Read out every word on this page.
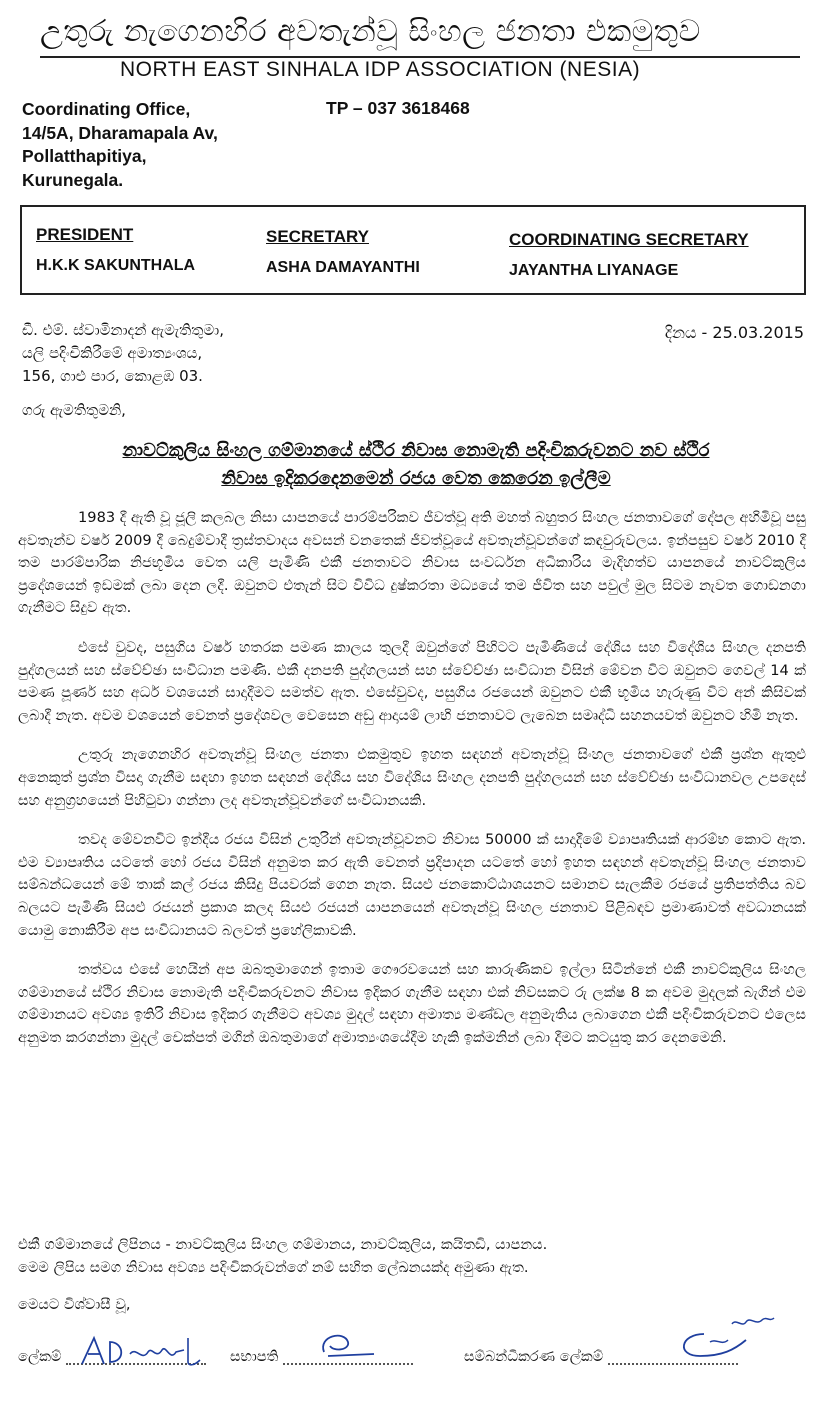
උතුරු නැගෙනහිර අවතැන්වූ සිංහල ජනතා එකමුතුව
NORTH EAST SINHALA IDP ASSOCIATION (NESIA)
Coordinating Office,
14/5A, Dharamapala Av,
Pollatthapitiya,
Kurunegala.
TP – 037 3618468
PRESIDENT
H.K.K SAKUNTHALA
SECRETARY
ASHA DAMAYANTHI
COORDINATING SECRETARY
JAYANTHA LIYANAGE
ඩී. එම්. ස්වාමිනාදන් ඇමැතිතුමා,
යලි පදිංචිකිරීමේ අමාත්‍යංශය,
156, ගාළු පාර, කොළඹ 03.
දිනය - 25.03.2015
ගරු ඇමතිතුමනි,
නාවට්කුලිය සිංහල ගම්මානයේ ස්ථිර නිවාස නොමැති පදිංචිකරුවනට නව ස්ථිර
නිවාස ඉදිකරදෙනමෙන් රජය වෙත කෙරෙන ඉල්ලීම

1983 දී ඇති වූ ජූලි කලබල නිසා යාපනයේ පාරම්පරිකව ජීවත්වූ අති මහත් බහුතර සිංහල ජනතාවගේ දේපල අහිමිවූ පසු අවතැන්ව වර්ෂ 2009 දී බෙදුම්වාදී ත්‍රස්තවාදය අවසන් වනතෙක් ජීවත්වූයේ අවතැන්වූවන්ගේ කඳවුරුවලය. ඉන්පසුව වර්ෂ 2010 දී තම පාරම්පාරික නිජභූමිය වෙත යලි පැමිණි එකී ජනතාවට නිවාස සංවර්ධන අධිකාරිය මැදිහත්ව යාපනයේ නාවට්කුලිය ප්‍රදේශයෙන් ඉඩමක් ලබා දෙන ලදී. ඔවුනට එතැන් සිට විවිධ දුෂ්කරතා මධ්‍යයේ තම ජීවිත සහ පවුල් මුල සිටම නැවත ගොඩනගා ගැනීමට සිදුව ඇත.

එසේ වුවද, පසුගිය වර්ෂ හතරක පමණ කාලය තුලදී ඔවුන්ගේ පිහිටට පැමිණියේ දේශිය සහ විදේශිය සිංහල දනපති පුද්ගලයන් සහ ස්වේච්ඡා සංවිධාන පමණි. එකී දනපති පුද්ගලයන් සහ ස්වේච්ඡා සංවිධාන විසින් මේවන විට ඔවුනට ගෙවල් 14 ක් පමණ පූර්ණ සහ අර්ධ වශයෙන් සාදාදීමට සමත්ව ඇත. එසේවුවද, පසුගිය රජයෙන් ඔවුනට එකී භූමිය හැරුණු විට අන් කිසිවක් ලබාදී නැත. අවම වශයෙන් වෙනත් ප්‍රදේශවල වෙසෙන අඩු ආදායම් ලාභි ජනතාවට ලැබෙන සමෘද්ධි සහනයවත් ඔවුනට හිමි නැත.

උතුරු නැගෙනහිර අවතැන්වූ සිංහල ජනතා එකමුතුව ඉහත සඳහන් අවතැන්වූ සිංහල ජනතාවගේ එකී ප්‍රශ්න ඇතුළු අනෙකුත් ප්‍රශ්න විසදා ගැනීම සඳහා ඉහත සඳහන් දේශිය සහ විදේශිය සිංහල දනපති පුද්ගලයන් සහ ස්වේච්ඡා සංවිධානවල උපදෙස් සහ අනුග්‍රහයෙන් පිහිටුවා ගන්නා ලද අවතැන්වූවන්ගේ සංවිධානයකි.

තවද මේවනවිට ඉන්දීය රජය විසින් උතුරින් අවතැන්වූවනට නිවාස 50000 ක් සාදාදීමේ ව්‍යාපෘතියක් ආරම්භ කොට ඇත. එම ව්‍යාපෘතිය යටතේ හෝ රජය විසින් අනුමත කර ඇති වෙනත් ප්‍රදිපාදන යටතේ හෝ ඉහත සඳහන් අවතැන්වූ සිංහල ජනතාව සම්බන්ධයෙන් මේ තාක් කල් රජය කිසිදු පියවරක් ගෙන නැත. සියළු ජනකොට්ඨාශයනට සමානව සැලකීම රජයේ ප්‍රතිපත්තිය බව බලයට පැමිණි සියළු රජයන් ප්‍රකාශ කලද සියළු රජයන් යාපනයෙන් අවතැන්වූ සිංහල ජනතාව පිළිබඳව ප්‍රමාණාවත් අවධානයක් යොමු නොකිරීම අප සංවිධානයට බලවත් ප්‍රහේලිකාවකි.

තත්වය එසේ හෙයින් අප ඔබතුමාගෙන් ඉතාම ගෞරවයෙන් සහ කාරුණිකව ඉල්ලා සිටින්නේ එකී නාවට්කුලිය සිංහල ගම්මානයේ ස්ථිර නිවාස නොමැති පදිංචිකරුවනට නිවාස ඉදිකර ගැනීම සඳහා එක් නිවසකට රු ලක්ෂ 8 ක අවම මුදලක් බැගින් එම ගම්මානයට අවශ්‍ය ඉතිරි නිවාස ඉදිකර ගැනීමට අවශ්‍ය මුදල් සඳහා අමාත්‍ය මණ්ඩල අනුමැතිය ලබාගෙන එකී පදිංචිකරුවනට එලෙස අනුමත කරගන්නා මුදල් චෙක්පත් මගින් ඔබතුමාගේ අමාත්‍යංශයේදීම හැකි ඉක්මනින් ලබා දීමට කටයුතු කර දෙනමෙනි.

එකී ගම්මානයේ ලිපිනය - නාවට්කුලිය සිංහල ගම්මානය, නාවට්කුලිය, කයිතඩි, යාපනය.
මෙම ලිපිය සමග නිවාස අවශ්‍ය පදිංචිකරුවන්ගේ නම් සහිත ලේඛනයක්ද අමුණා ඇත.
මෙයට විශ්වාසී වූ,
ලේකම්	සභාපති	සම්බන්ධීකරණ ලේකම්
